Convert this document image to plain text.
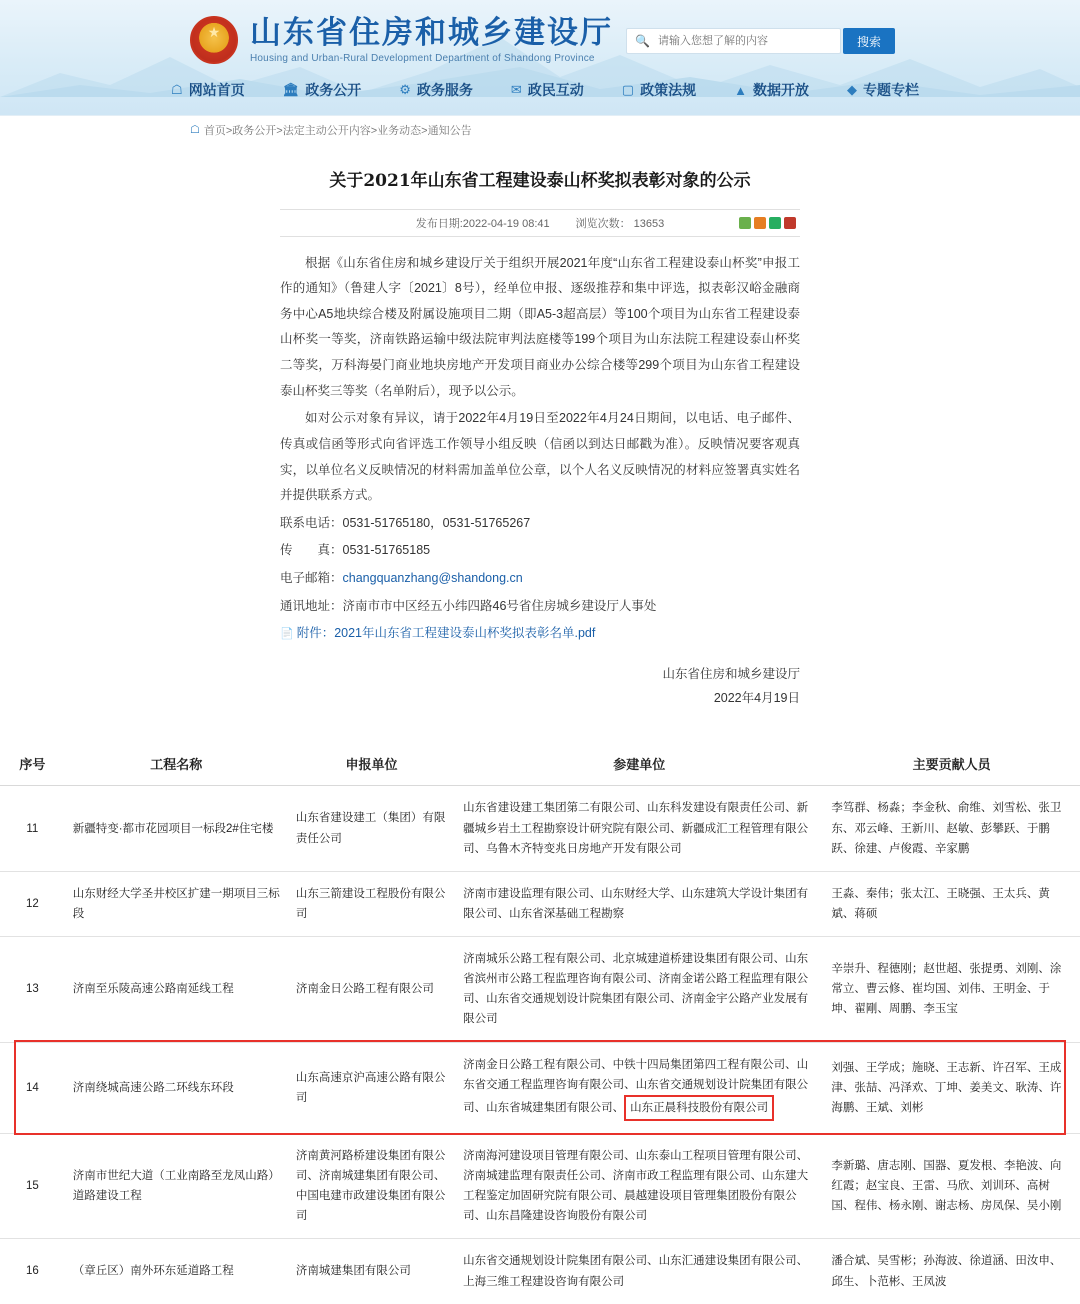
★
山东省住房和城乡建设厅
Housing and Urban-Rural Development Department of Shandong Province
🔍
请输入您想了解的内容	搜索
☖ 网站首页	🏛 政务公开	⚙ 政务服务	✉ 政民互动	▢ 政策法规	▲ 数据开放	◆ 专题专栏
☖ 首页>政务公开>法定主动公开内容>业务动态>通知公告
关于2021年山东省工程建设泰山杯奖拟表彰对象的公示
发布日期:2022-04-19 08:41 浏览次数： 13653

根据《山东省住房和城乡建设厅关于组织开展2021年度“山东省工程建设泰山杯奖”申报工作的通知》（鲁建人字〔2021〕8号），经单位申报、逐级推荐和集中评选，拟表彰汉峪金融商务中心A5地块综合楼及附属设施项目二期（即A5-3超高层）等100个项目为山东省工程建设泰山杯奖一等奖，济南铁路运输中级法院审判法庭楼等199个项目为山东法院工程建设泰山杯奖二等奖，万科海晏门商业地块房地产开发项目商业办公综合楼等299个项目为山东省工程建设泰山杯奖三等奖（名单附后），现予以公示。

如对公示对象有异议，请于2022年4月19日至2022年4月24日期间，以电话、电子邮件、传真或信函等形式向省评选工作领导小组反映（信函以到达日邮戳为准）。反映情况要客观真实，以单位名义反映情况的材料需加盖单位公章，以个人名义反映情况的材料应签署真实姓名并提供联系方式。

联系电话：0531-51765180，0531-51765267

传　　真：0531-51765185

电子邮箱：changquanzhang@shandong.cn

通讯地址：济南市市中区经五小纬四路46号省住房城乡建设厅人事处

📄 附件：2021年山东省工程建设泰山杯奖拟表彰名单.pdf

山东省住房和城乡建设厅
2022年4月19日
序号	工程名称	申报单位	参建单位	主要贡献人员
11	新疆特变·都市花园项目一标段2#住宅楼	山东省建设建工（集团）有限责任公司	山东省建设建工集团第二有限公司、山东科发建设有限责任公司、新疆城乡岩土工程勘察设计研究院有限公司、新疆成汇工程管理有限公司、乌鲁木齐特变兆日房地产开发有限公司	李笃群、杨淼；李金秋、俞维、刘雪松、张卫东、邓云峰、王新川、赵敏、彭攀跃、于鹏跃、徐建、卢俊霞、辛家鹏
12	山东财经大学圣井校区扩建一期项目三标段	山东三箭建设工程股份有限公司	济南市建设监理有限公司、山东财经大学、山东建筑大学设计集团有限公司、山东省深基础工程勘察	王淼、秦伟；张太江、王晓强、王太兵、黄斌、蒋硕
13	济南至乐陵高速公路南延线工程	济南金日公路工程有限公司	济南城乐公路工程有限公司、北京城建道桥建设集团有限公司、山东省滨州市公路工程监理咨询有限公司、济南金诺公路工程监理有限公司、山东省交通规划设计院集团有限公司、济南金宇公路产业发展有限公司	辛崇升、程德刚；赵世超、张提勇、刘刚、涂常立、曹云修、崔均国、刘伟、王明金、于坤、翟剛、周鹏、李玉宝
14	济南绕城高速公路二环线东环段	山东高速京沪高速公路有限公司	济南金日公路工程有限公司、中铁十四局集团第四工程有限公司、山东省交通工程监理咨询有限公司、山东省交通规划设计院集团有限公司、山东省城建集团有限公司、 山东正晨科技股份有限公司	刘强、王学成；施晓、王志新、许召军、王成津、张喆、冯泽欢、丁坤、姜美文、耿涛、许海鹏、王斌、刘彬
15	济南市世纪大道（工业南路至龙凤山路）道路建设工程	济南黄河路桥建设集团有限公司、济南城建集团有限公司、中国电建市政建设集团有限公司	济南海河建设项目管理有限公司、山东泰山工程项目管理有限公司、济南城建监理有限责任公司、济南市政工程监理有限公司、山东建大工程鉴定加固研究院有限公司、晨越建设项目管理集团股份有限公司、山东昌隆建设咨询股份有限公司	李新璐、唐志刚、国器、夏发根、李艳波、向红霞；赵宝良、王雷、马欣、刘训环、高树国、程伟、杨永刚、谢志杨、房凤保、吴小刚
16	（章丘区）南外环东延道路工程	济南城建集团有限公司	山东省交通规划设计院集团有限公司、山东汇通建设集团有限公司、上海三维工程建设咨询有限公司	潘合斌、吴雪彬；孙海波、徐道涵、田汝申、邱生、卜范彬、王凤波
